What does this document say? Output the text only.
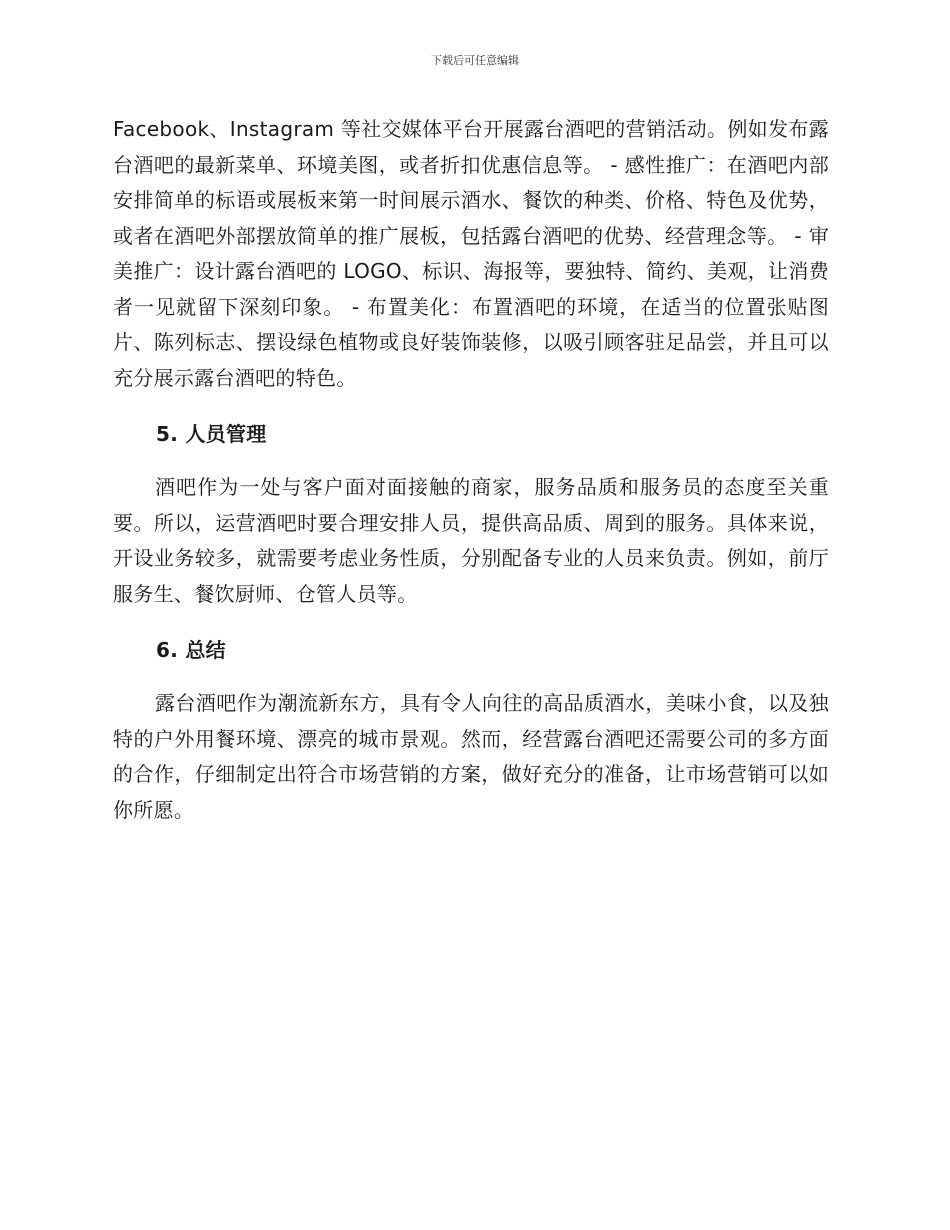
下载后可任意编辑

Facebook、Instagram 等社交媒体平台开展露台酒吧的营销活动。例如发布露台酒吧的最新菜单、环境美图，或者折扣优惠信息等。 - 感性推广：在酒吧内部安排简单的标语或展板来第一时间展示酒水、餐饮的种类、价格、特色及优势，或者在酒吧外部摆放简单的推广展板，包括露台酒吧的优势、经营理念等。 - 审美推广：设计露台酒吧的 LOGO、标识、海报等，要独特、简约、美观，让消费者一见就留下深刻印象。 - 布置美化：布置酒吧的环境，在适当的位置张贴图片、陈列标志、摆设绿色植物或良好装饰装修，以吸引顾客驻足品尝，并且可以充分展示露台酒吧的特色。

5. 人员管理

酒吧作为一处与客户面对面接触的商家，服务品质和服务员的态度至关重要。所以，运营酒吧时要合理安排人员，提供高品质、周到的服务。具体来说，开设业务较多，就需要考虑业务性质，分别配备专业的人员来负责。例如，前厅服务生、餐饮厨师、仓管人员等。

6. 总结

露台酒吧作为潮流新东方，具有令人向往的高品质酒水，美味小食，以及独特的户外用餐环境、漂亮的城市景观。然而，经营露台酒吧还需要公司的多方面的合作，仔细制定出符合市场营销的方案，做好充分的准备，让市场营销可以如你所愿。
